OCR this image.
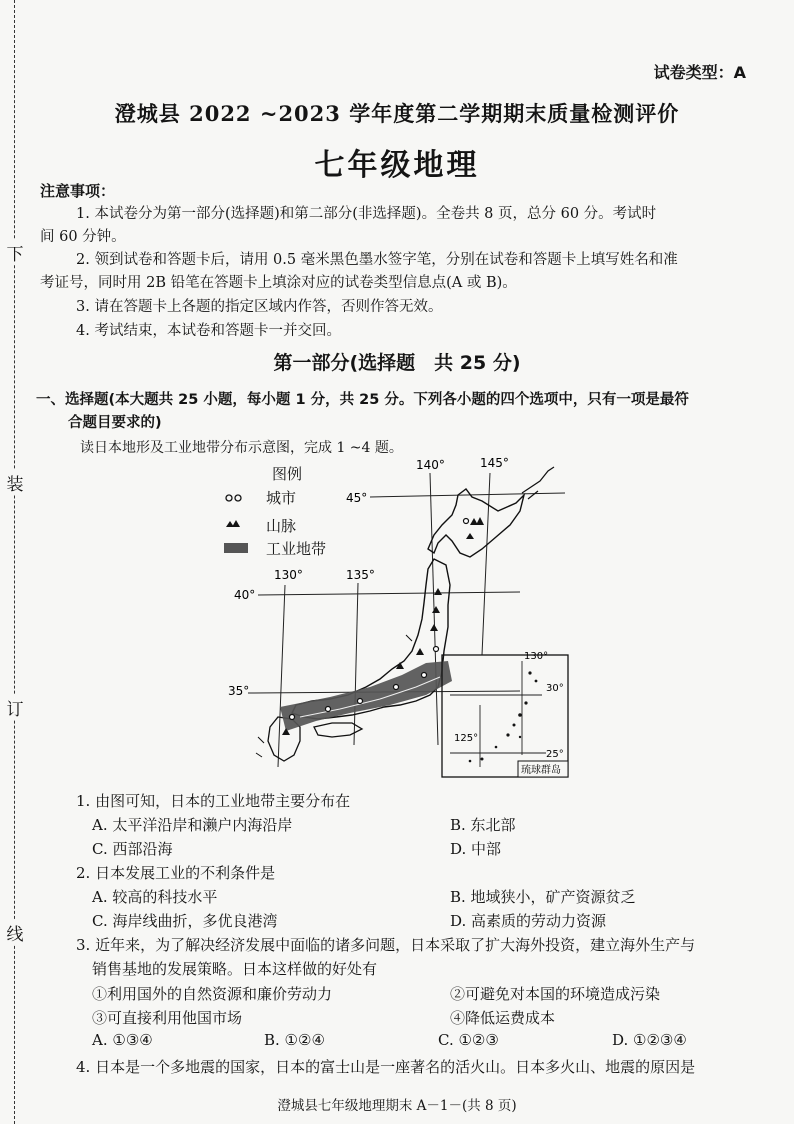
下
装
订
线
试卷类型：A
澄城县 2022 ~2023 学年度第二学期期末质量检测评价
七年级地理
注意事项：
1. 本试卷分为第一部分(选择题)和第二部分(非选择题)。全卷共 8 页，总分 60 分。考试时
间 60 分钟。
2. 领到试卷和答题卡后，请用 0.5 毫米黑色墨水签字笔，分别在试卷和答题卡上填写姓名和准
考证号，同时用 2B 铅笔在答题卡上填涂对应的试卷类型信息点(A 或 B)。
3. 请在答题卡上各题的指定区域内作答，否则作答无效。
4. 考试结束，本试卷和答题卡一并交回。
第一部分(选择题　共 25 分)
一、选择题(本大题共 25 小题，每小题 1 分，共 25 分。下列各小题的四个选项中，只有一项是最符
合题目要求的)
读日本地形及工业地带分布示意图，完成 1 ~4 题。
图例
城市
山脉
工业地带
140°	145°
45°
130°	135°
40°
35°
130°
30°
125°
25°
琉球群岛
1. 由图可知，日本的工业地带主要分布在
A. 太平洋沿岸和濑户内海沿岸	B. 东北部
C. 西部沿海	D. 中部
2. 日本发展工业的不利条件是
A. 较高的科技水平	B. 地域狭小，矿产资源贫乏
C. 海岸线曲折，多优良港湾	D. 高素质的劳动力资源
3. 近年来，为了解决经济发展中面临的诸多问题，日本采取了扩大海外投资，建立海外生产与
销售基地的发展策略。日本这样做的好处有
①利用国外的自然资源和廉价劳动力	②可避免对本国的环境造成污染
③可直接利用他国市场	④降低运费成本
A. ①③④	B. ①②④	C. ①②③	D. ①②③④
4. 日本是一个多地震的国家，日本的富士山是一座著名的活火山。日本多火山、地震的原因是
澄城县七年级地理期末 A－1－(共 8 页)
